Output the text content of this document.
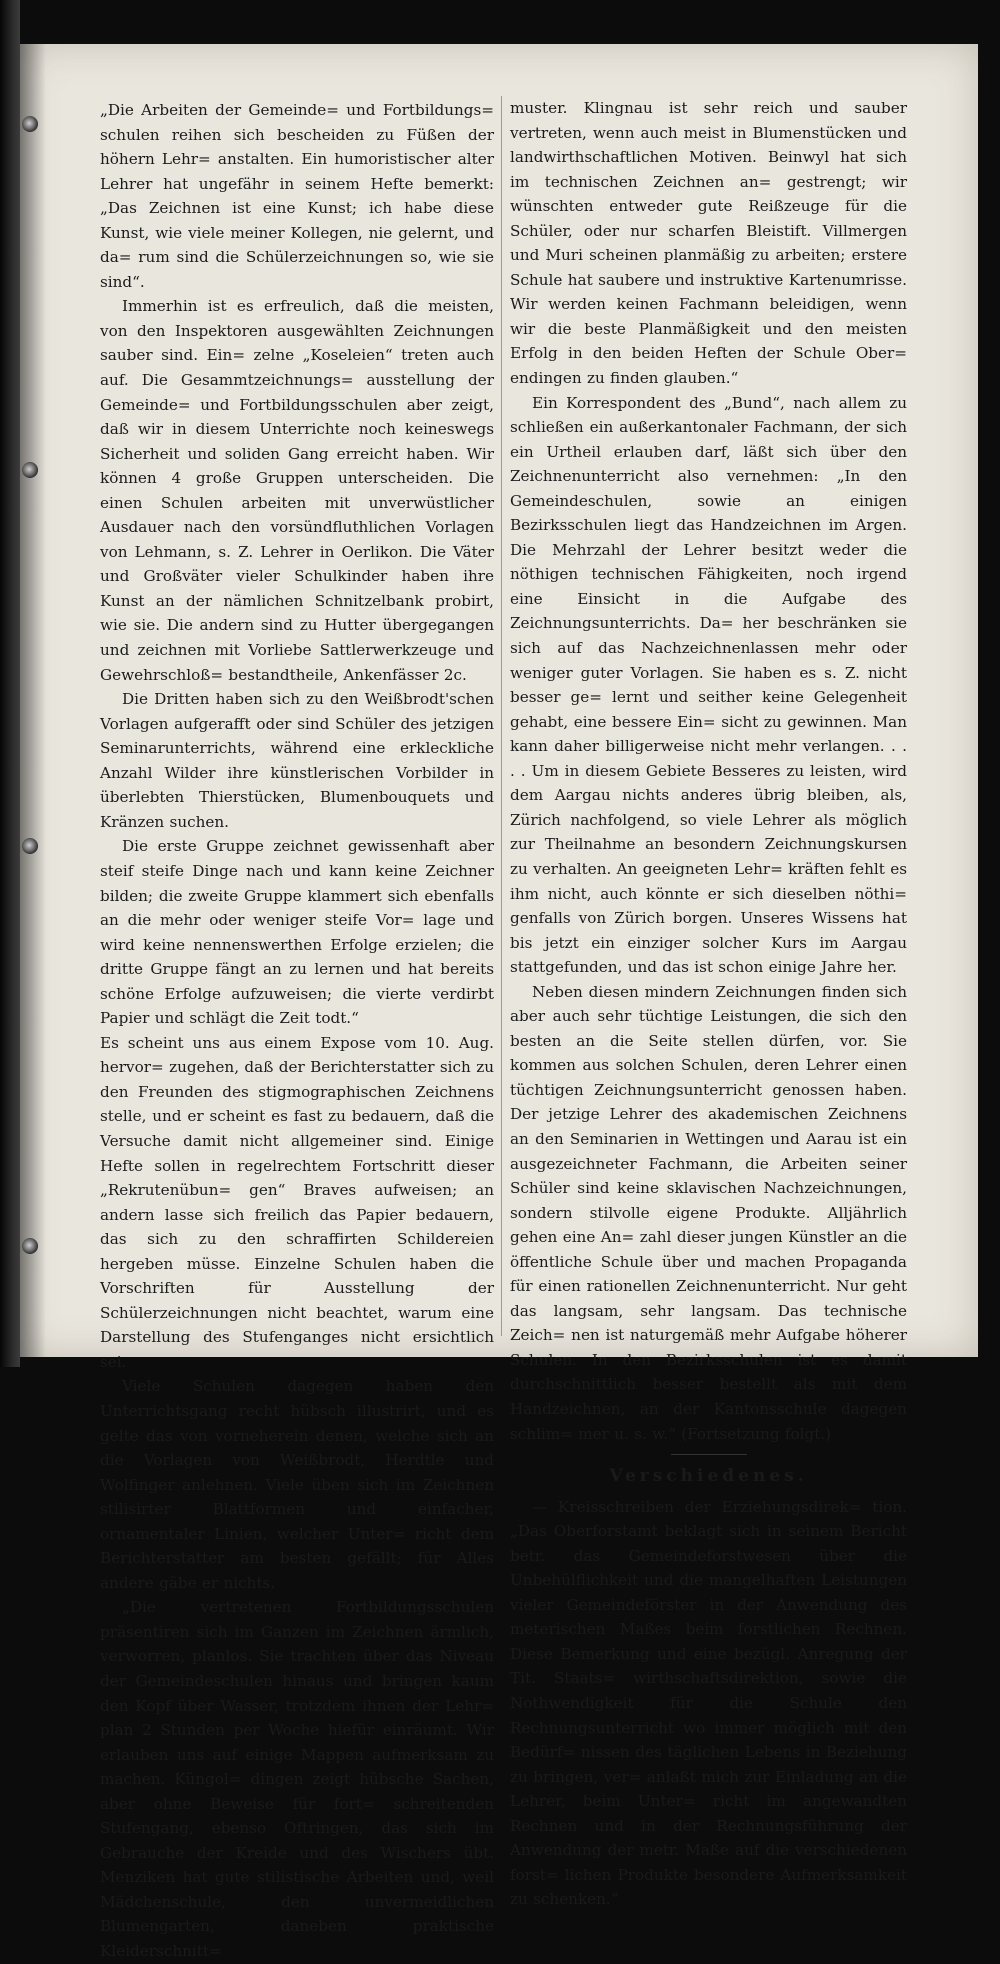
„Die Arbeiten der Gemeinde= und Fortbildungs= schulen reihen sich bescheiden zu Füßen der höhern Lehr= anstalten. Ein humoristischer alter Lehrer hat ungefähr in seinem Hefte bemerkt: „Das Zeichnen ist eine Kunst; ich habe diese Kunst, wie viele meiner Kollegen, nie gelernt, und da= rum sind die Schülerzeichnungen so, wie sie sind“.

Immerhin ist es erfreulich, daß die meisten, von den Inspektoren ausgewählten Zeichnungen sauber sind. Ein= zelne „Koseleien“ treten auch auf. Die Gesammtzeichnungs= ausstellung der Gemeinde= und Fortbildungsschulen aber zeigt, daß wir in diesem Unterrichte noch keineswegs Sicherheit und soliden Gang erreicht haben. Wir können 4 große Gruppen unterscheiden. Die einen Schulen arbeiten mit unverwüstlicher Ausdauer nach den vorsündfluthlichen Vorlagen von Lehmann, s. Z. Lehrer in Oerlikon. Die Väter und Großväter vieler Schulkinder haben ihre Kunst an der nämlichen Schnitzelbank probirt, wie sie. Die andern sind zu Hutter übergegangen und zeichnen mit Vorliebe Sattlerwerkzeuge und Gewehrschloß= bestandtheile, Ankenfässer 2c.

Die Dritten haben sich zu den Weißbrodt'schen Vorlagen aufgerafft oder sind Schüler des jetzigen Seminarunterrichts, während eine erkleckliche Anzahl Wilder ihre künstlerischen Vorbilder in überlebten Thierstücken, Blumenbouquets und Kränzen suchen.

Die erste Gruppe zeichnet gewissenhaft aber steif steife Dinge nach und kann keine Zeichner bilden; die zweite Gruppe klammert sich ebenfalls an die mehr oder weniger steife Vor= lage und wird keine nennenswerthen Erfolge erzielen; die dritte Gruppe fängt an zu lernen und hat bereits schöne Erfolge aufzuweisen; die vierte verdirbt Papier und schlägt die Zeit todt.“

Es scheint uns aus einem Expose vom 10. Aug. hervor= zugehen, daß der Berichterstatter sich zu den Freunden des stigmographischen Zeichnens stelle, und er scheint es fast zu bedauern, daß die Versuche damit nicht allgemeiner sind. Einige Hefte sollen in regelrechtem Fortschritt dieser „Rekrutenübun= gen“ Braves aufweisen; an andern lasse sich freilich das Papier bedauern, das sich zu den schraffirten Schildereien hergeben müsse. Einzelne Schulen haben die Vorschriften für Ausstellung der Schülerzeichnungen nicht beachtet, warum eine Darstellung des Stufenganges nicht ersichtlich sei.

Viele Schulen dagegen haben den Unterrichtsgang recht hübsch illustrirt, und es gelte das von vorneherein denen, welche sich an die Vorlagen von Weißbrodt, Herdtle und Wolfinger anlehnen. Viele üben sich im Zeichnen stilisirter Blattformen und einfacher, ornamentaler Linien, welcher Unter= richt dem Berichterstatter am besten gefällt; für Alles andere gäbe er nichts.

„Die vertretenen Fortbildungsschulen präsentiren sich im Ganzen im Zeichnen ärmlich, verworren, planlos. Sie trachten über das Niveau der Gemeindeschulen hinaus und bringen kaum den Kopf über Wasser, trotzdem ihnen der Lehr= plan 2 Stunden per Woche hiefür einräumt. Wir erlauben uns auf einige Mappen aufmerksam zu machen. Küngol= dingen zeigt hübsche Sachen, aber ohne Beweise für fort= schreitenden Stufengang, ebenso Oftringen, das sich im Gebrauche der Kreide und des Wischers übt. Menziken hat gute stilistische Arbeiten und, weil Mädchenschule, den unvermeidlichen Blumengarten, daneben praktische Kleiderschnitt=

muster. Klingnau ist sehr reich und sauber vertreten, wenn auch meist in Blumenstücken und landwirthschaftlichen Motiven. Beinwyl hat sich im technischen Zeichnen an= gestrengt; wir wünschten entweder gute Reißzeuge für die Schüler, oder nur scharfen Bleistift. Villmergen und Muri scheinen planmäßig zu arbeiten; erstere Schule hat saubere und instruktive Kartenumrisse. Wir werden keinen Fachmann beleidigen, wenn wir die beste Planmäßigkeit und den meisten Erfolg in den beiden Heften der Schule Ober= endingen zu finden glauben.“

Ein Korrespondent des „Bund“, nach allem zu schließen ein außerkantonaler Fachmann, der sich ein Urtheil erlauben darf, läßt sich über den Zeichnenunterricht also vernehmen: „In den Gemeindeschulen, sowie an einigen Bezirksschulen liegt das Handzeichnen im Argen. Die Mehrzahl der Lehrer besitzt weder die nöthigen technischen Fähigkeiten, noch irgend eine Einsicht in die Aufgabe des Zeichnungsunterrichts. Da= her beschränken sie sich auf das Nachzeichnenlassen mehr oder weniger guter Vorlagen. Sie haben es s. Z. nicht besser ge= lernt und seither keine Gelegenheit gehabt, eine bessere Ein= sicht zu gewinnen. Man kann daher billigerweise nicht mehr verlangen. . . . . Um in diesem Gebiete Besseres zu leisten, wird dem Aargau nichts anderes übrig bleiben, als, Zürich nachfolgend, so viele Lehrer als möglich zur Theilnahme an besondern Zeichnungskursen zu verhalten. An geeigneten Lehr= kräften fehlt es ihm nicht, auch könnte er sich dieselben nöthi= genfalls von Zürich borgen. Unseres Wissens hat bis jetzt ein einziger solcher Kurs im Aargau stattgefunden, und das ist schon einige Jahre her.

Neben diesen mindern Zeichnungen finden sich aber auch sehr tüchtige Leistungen, die sich den besten an die Seite stellen dürfen, vor. Sie kommen aus solchen Schulen, deren Lehrer einen tüchtigen Zeichnungsunterricht genossen haben. Der jetzige Lehrer des akademischen Zeichnens an den Seminarien in Wettingen und Aarau ist ein ausgezeichneter Fachmann, die Arbeiten seiner Schüler sind keine sklavischen Nachzeichnungen, sondern stilvolle eigene Produkte. Alljährlich gehen eine An= zahl dieser jungen Künstler an die öffentliche Schule über und machen Propaganda für einen rationellen Zeichnenunterricht. Nur geht das langsam, sehr langsam. Das technische Zeich= nen ist naturgemäß mehr Aufgabe höherer Schulen. In den Bezirksschulen ist es damit durchschnittlich besser bestellt als mit dem Handzeichnen, an der Kantonsschule dagegen schlim= mer u. s. w.“ (Fortsetzung folgt.)

Verschiedenes.

— Kreisschreiben der Erziehungsdirek= tion. „Das Oberforstamt beklagt sich in seinem Bericht betr. das Gemeindeforstwesen über die Unbehülflichkeit und die mangelhaften Leistungen vieler Gemeindeförster in der Anwendung des meterischen Maßes beim forstlichen Rechnen. Diese Bemerkung und eine bezügl. Anregung der Tit. Staats= wirthschaftsdirektion, sowie die Nothwendigkeit für die Schule den Rechnungsunterricht wo immer möglich mit den Bedürf= nissen des täglichen Lebens in Beziehung zu bringen, ver= anlaßt mich zur Einladung an die Lehrer, beim Unter= richt im angewandten Rechnen und in der Rechnungsführung der Anwendung der metr. Maße auf die verschiedenen forst= lichen Produkte besondere Aufmerksamkeit zu schenken.“
